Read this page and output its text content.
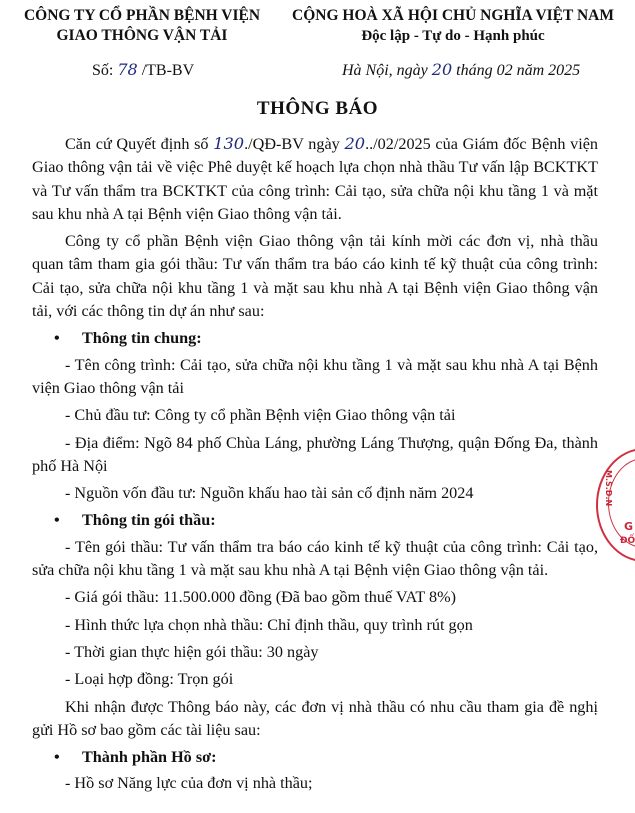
CÔNG TY CỔ PHẦN BỆNH VIỆN
GIAO THÔNG VẬN TẢI
CỘNG HOÀ XÃ HỘI CHỦ NGHĨA VIỆT NAM
Độc lập - Tự do - Hạnh phúc
Số: 78 /TB-BV	Hà Nội, ngày 20 tháng 02 năm 2025
THÔNG BÁO

Căn cứ Quyết định số 130./QĐ-BV ngày 20../02/2025 của Giám đốc Bệnh viện Giao thông vận tải về việc Phê duyệt kế hoạch lựa chọn nhà thầu Tư vấn lập BCKTKT và Tư vấn thẩm tra BCKTKT của công trình: Cải tạo, sửa chữa nội khu tầng 1 và mặt sau khu nhà A tại Bệnh viện Giao thông vận tải.

Công ty cổ phần Bệnh viện Giao thông vận tải kính mời các đơn vị, nhà thầu quan tâm tham gia gói thầu: Tư vấn thẩm tra báo cáo kinh tế kỹ thuật của công trình: Cải tạo, sửa chữa nội khu tầng 1 và mặt sau khu nhà A tại Bệnh viện Giao thông vận tải, với các thông tin dự án như sau:

• Thông tin chung:

- Tên công trình: Cải tạo, sửa chữa nội khu tầng 1 và mặt sau khu nhà A tại Bệnh viện Giao thông vận tải

- Chủ đầu tư: Công ty cổ phần Bệnh viện Giao thông vận tải

- Địa điểm: Ngõ 84 phố Chùa Láng, phường Láng Thượng, quận Đống Đa, thành phố Hà Nội

- Nguồn vốn đầu tư: Nguồn khấu hao tài sản cố định năm 2024

• Thông tin gói thầu:

- Tên gói thầu: Tư vấn thẩm tra báo cáo kinh tế kỹ thuật của công trình: Cải tạo, sửa chữa nội khu tầng 1 và mặt sau khu nhà A tại Bệnh viện Giao thông vận tải.

- Giá gói thầu: 11.500.000 đồng (Đã bao gồm thuế VAT 8%)

- Hình thức lựa chọn nhà thầu: Chỉ định thầu, quy trình rút gọn

- Thời gian thực hiện gói thầu: 30 ngày

- Loại hợp đồng: Trọn gói

Khi nhận được Thông báo này, các đơn vị nhà thầu có nhu cầu tham gia đề nghị gửi Hồ sơ bao gồm các tài liệu sau:

• Thành phần Hồ sơ:

- Hồ sơ Năng lực của đơn vị nhà thầu;

M.S.D.N
G
ĐỐ
